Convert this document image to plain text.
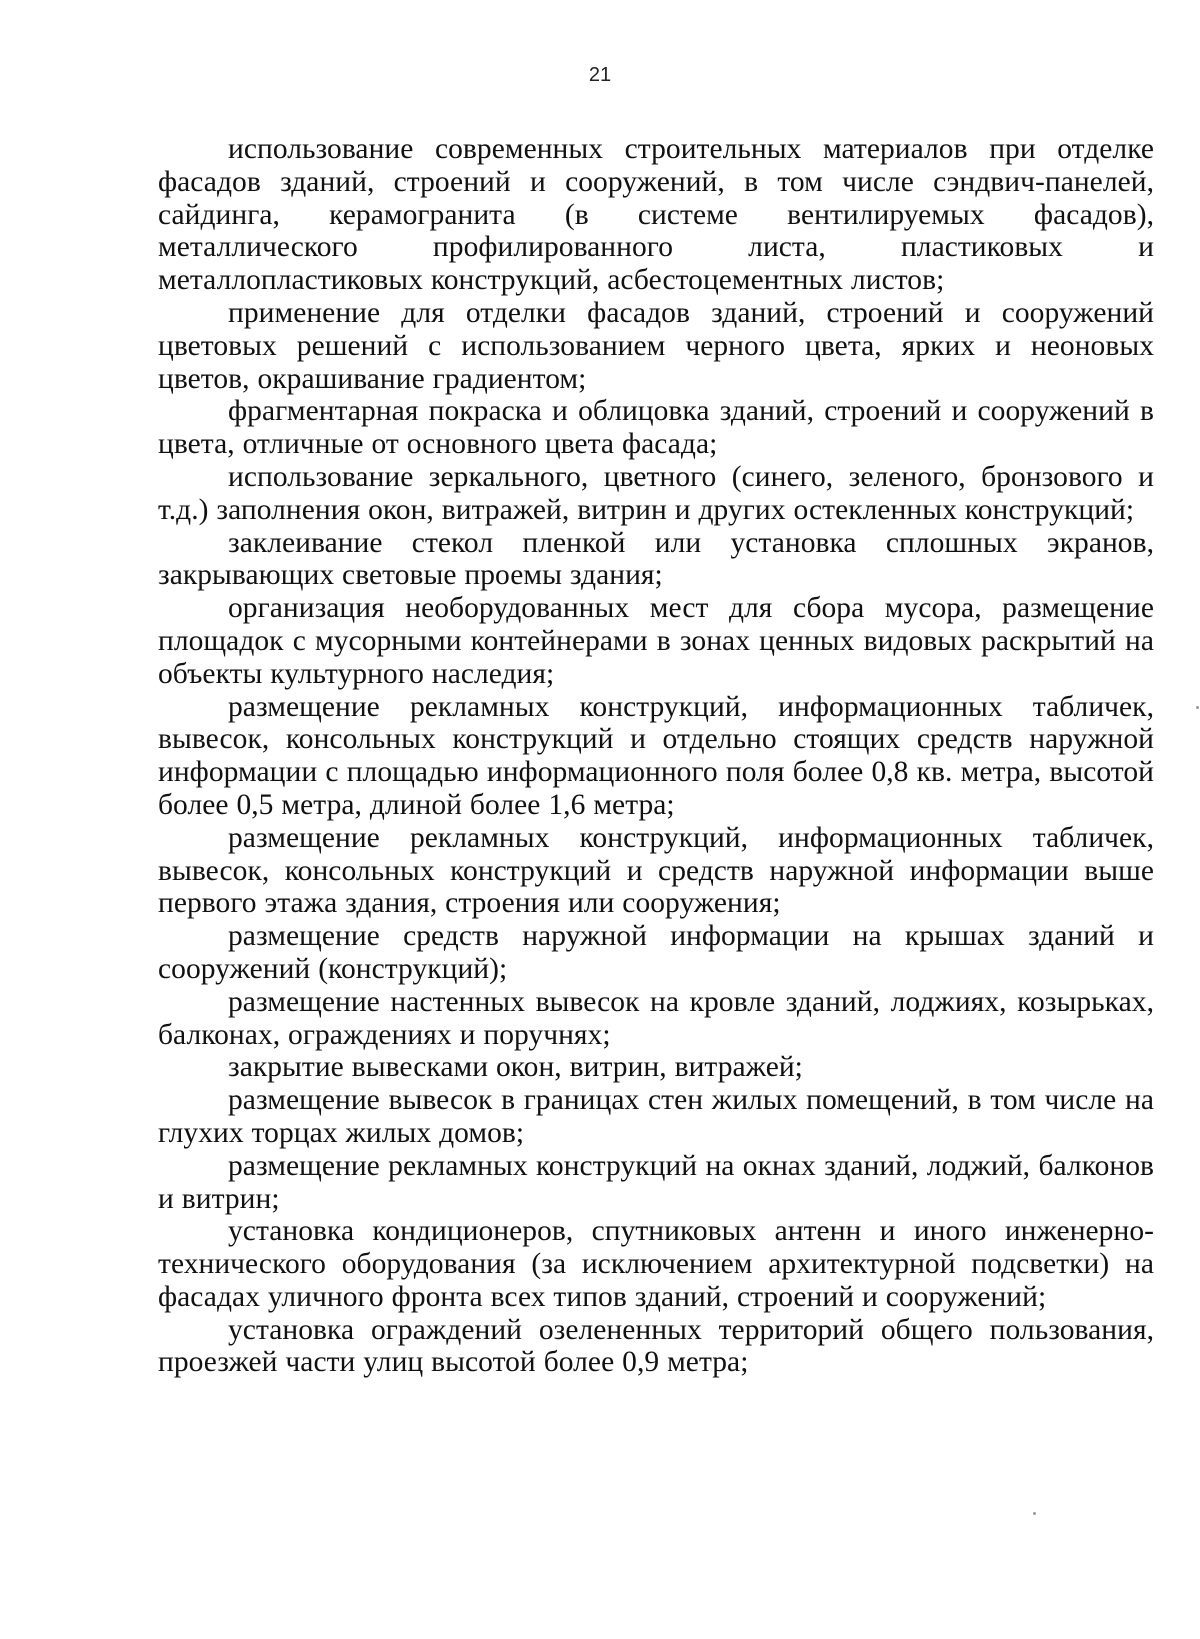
21

использование современных строительных материалов при отделке фасадов зданий, строений и сооружений, в том числе сэндвич-панелей, сайдинга, керамогранита (в системе вентилируемых фасадов), металлического профилированного листа, пластиковых и металлопластиковых конструкций, асбестоцементных листов;

применение для отделки фасадов зданий, строений и сооружений цветовых решений с использованием черного цвета, ярких и неоновых цветов, окрашивание градиентом;

фрагментарная покраска и облицовка зданий, строений и сооружений в цвета, отличные от основного цвета фасада;

использование зеркального, цветного (синего, зеленого, бронзового и т.д.) заполнения окон, витражей, витрин и других остекленных конструкций;

заклеивание стекол пленкой или установка сплошных экранов, закрывающих световые проемы здания;

организация необорудованных мест для сбора мусора, размещение площадок с мусорными контейнерами в зонах ценных видовых раскрытий на объекты культурного наследия;

размещение рекламных конструкций, информационных табличек, вывесок, консольных конструкций и отдельно стоящих средств наружной информации с площадью информационного поля более 0,8 кв. метра, высотой более 0,5 метра, длиной более 1,6 метра;

размещение рекламных конструкций, информационных табличек, вывесок, консольных конструкций и средств наружной информации выше первого этажа здания, строения или сооружения;

размещение средств наружной информации на крышах зданий и сооружений (конструкций);

размещение настенных вывесок на кровле зданий, лоджиях, козырьках, балконах, ограждениях и поручнях;

закрытие вывесками окон, витрин, витражей;

размещение вывесок в границах стен жилых помещений, в том числе на глухих торцах жилых домов;

размещение рекламных конструкций на окнах зданий, лоджий, балконов и витрин;

установка кондиционеров, спутниковых антенн и иного инженерно-технического оборудования (за исключением архитектурной подсветки) на фасадах уличного фронта всех типов зданий, строений и сооружений;

установка ограждений озелененных территорий общего пользования, проезжей части улиц высотой более 0,9 метра;
